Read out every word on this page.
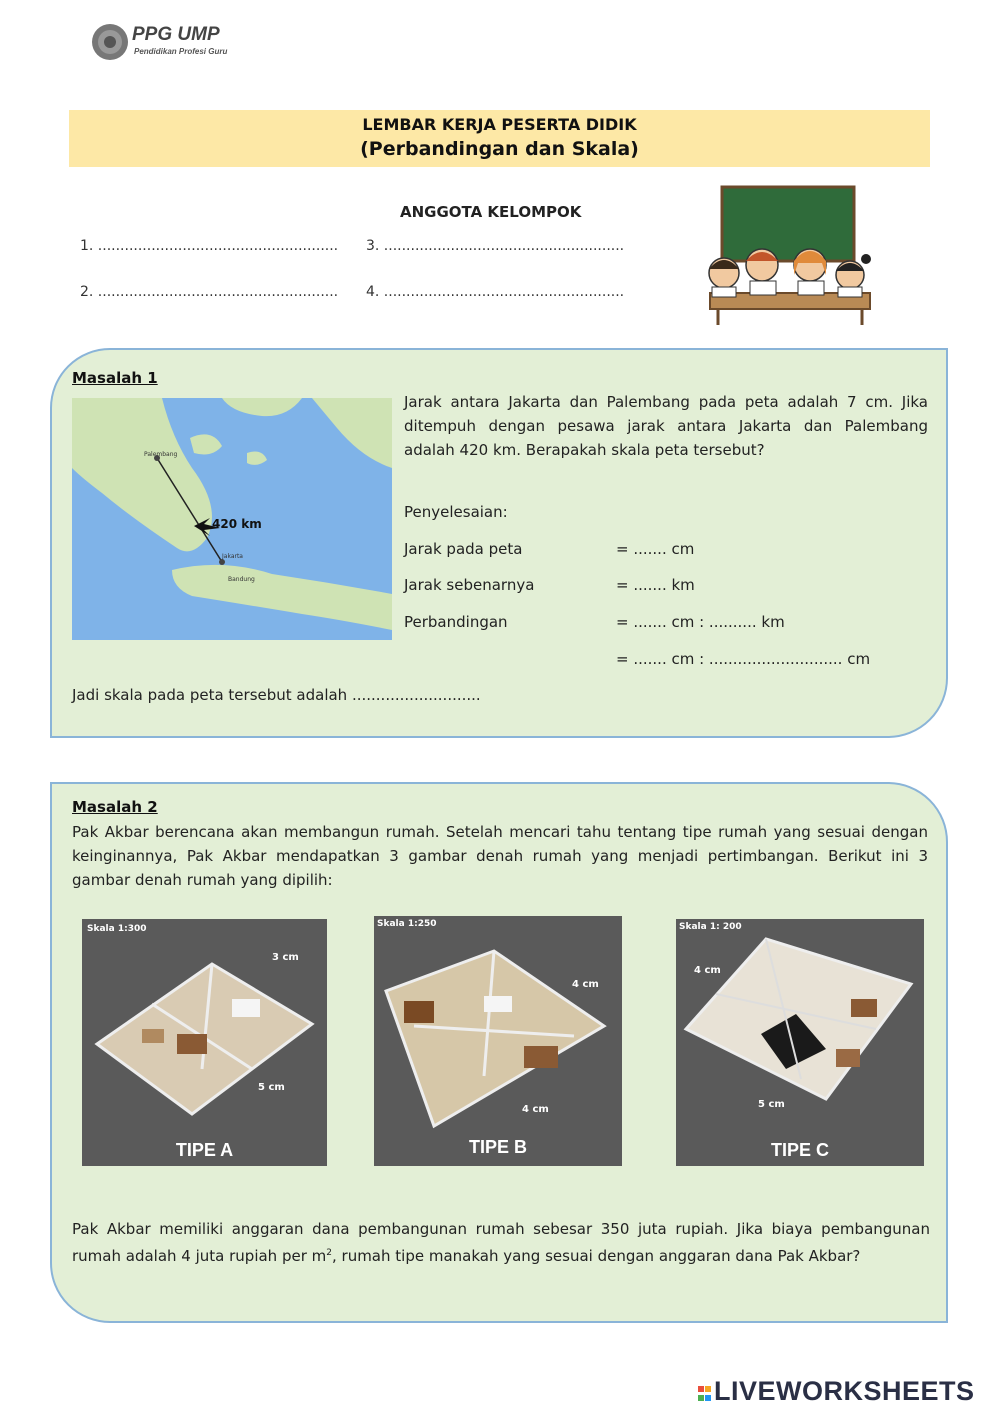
PPG UMP
Pendidikan Profesi Guru
LEMBAR KERJA PESERTA DIDIK
(Perbandingan dan Skala)
ANGGOTA KELOMPOK
1. ...................................................... 3. ......................................................
2. ...................................................... 4. ......................................................
Masalah 1
420 km
Palembang
Bandung
Jakarta
Jarak antara Jakarta dan Palembang pada peta adalah 7 cm. Jika ditempuh dengan pesawa jarak antara Jakarta dan Palembang adalah 420 km. Berapakah skala peta tersebut?
Penyelesaian:
Jarak pada peta	= ....... cm
Jarak sebenarnya	= ....... km
Perbandingan	= ....... cm : .......... km
= ....... cm : ............................ cm
Jadi skala pada peta tersebut adalah ...........................
Masalah 2
Pak Akbar berencana akan membangun rumah. Setelah mencari tahu tentang tipe rumah yang sesuai dengan keinginannya, Pak Akbar mendapatkan 3 gambar denah rumah yang menjadi pertimbangan. Berikut ini 3 gambar denah rumah yang dipilih:
Skala 1:300
3 cm
5 cm
TIPE A
Skala 1:250
4 cm
4 cm
TIPE B
Skala 1: 200
4 cm
5 cm
TIPE C
Pak Akbar memiliki anggaran dana pembangunan rumah sebesar 350 juta rupiah. Jika biaya pembangunan rumah adalah 4 juta rupiah per $m^2$, rumah tipe manakah yang sesuai dengan anggaran dana Pak Akbar?

LIVEWORKSHEETS
